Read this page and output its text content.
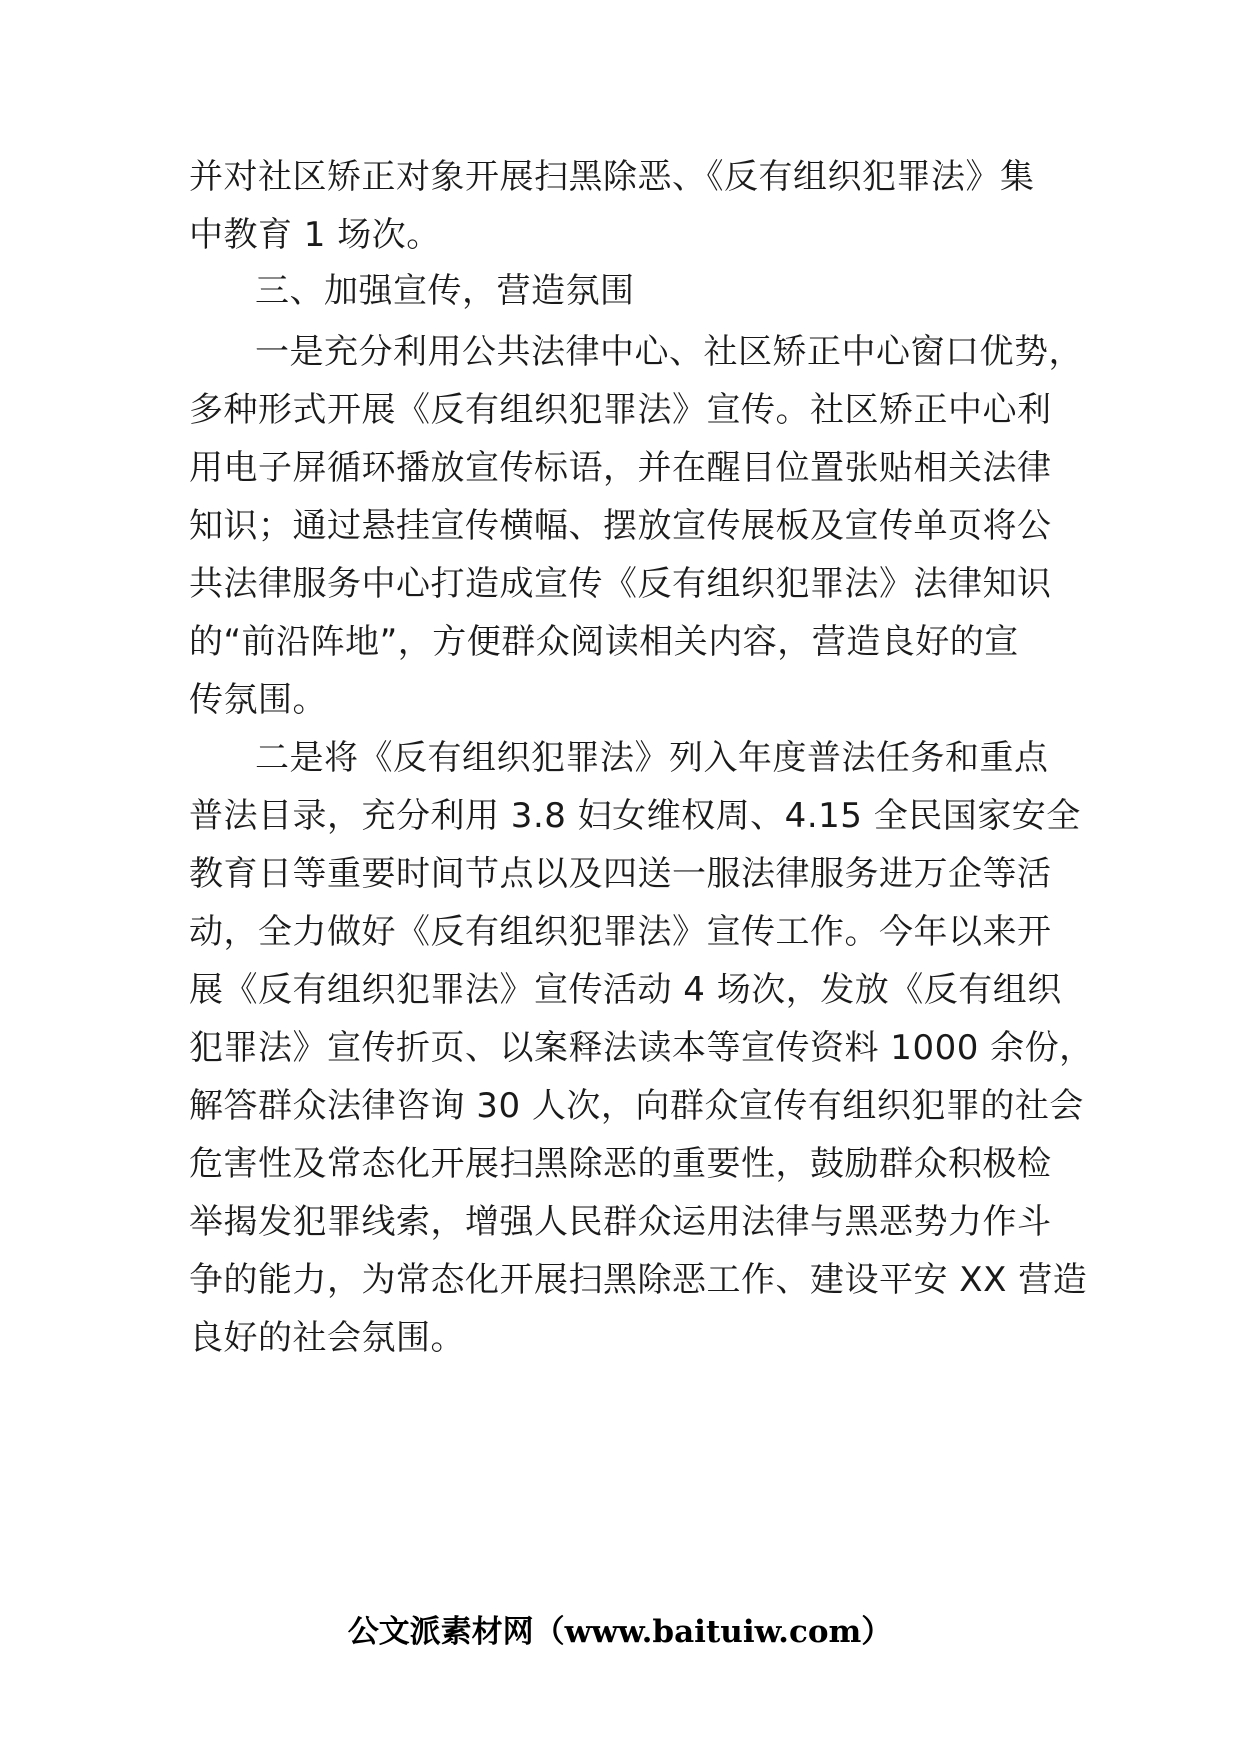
并对社区矫正对象开展扫黑除恶、《反有组织犯罪法》集
中教育 1 场次。
三、加强宣传，营造氛围
一是充分利用公共法律中心、社区矫正中心窗口优势，
多种形式开展《反有组织犯罪法》宣传。社区矫正中心利
用电子屏循环播放宣传标语，并在醒目位置张贴相关法律
知识；通过悬挂宣传横幅、摆放宣传展板及宣传单页将公
共法律服务中心打造成宣传《反有组织犯罪法》法律知识
的“前沿阵地”，方便群众阅读相关内容，营造良好的宣
传氛围。
二是将《反有组织犯罪法》列入年度普法任务和重点
普法目录，充分利用 3.8 妇女维权周、4.15 全民国家安全
教育日等重要时间节点以及四送一服法律服务进万企等活
动，全力做好《反有组织犯罪法》宣传工作。今年以来开
展《反有组织犯罪法》宣传活动 4 场次，发放《反有组织
犯罪法》宣传折页、以案释法读本等宣传资料 1000 余份，
解答群众法律咨询 30 人次，向群众宣传有组织犯罪的社会
危害性及常态化开展扫黑除恶的重要性，鼓励群众积极检
举揭发犯罪线索，增强人民群众运用法律与黑恶势力作斗
争的能力，为常态化开展扫黑除恶工作、建设平安 XX 营造
良好的社会氛围。
公文派素材网（www.baituiw.com）
